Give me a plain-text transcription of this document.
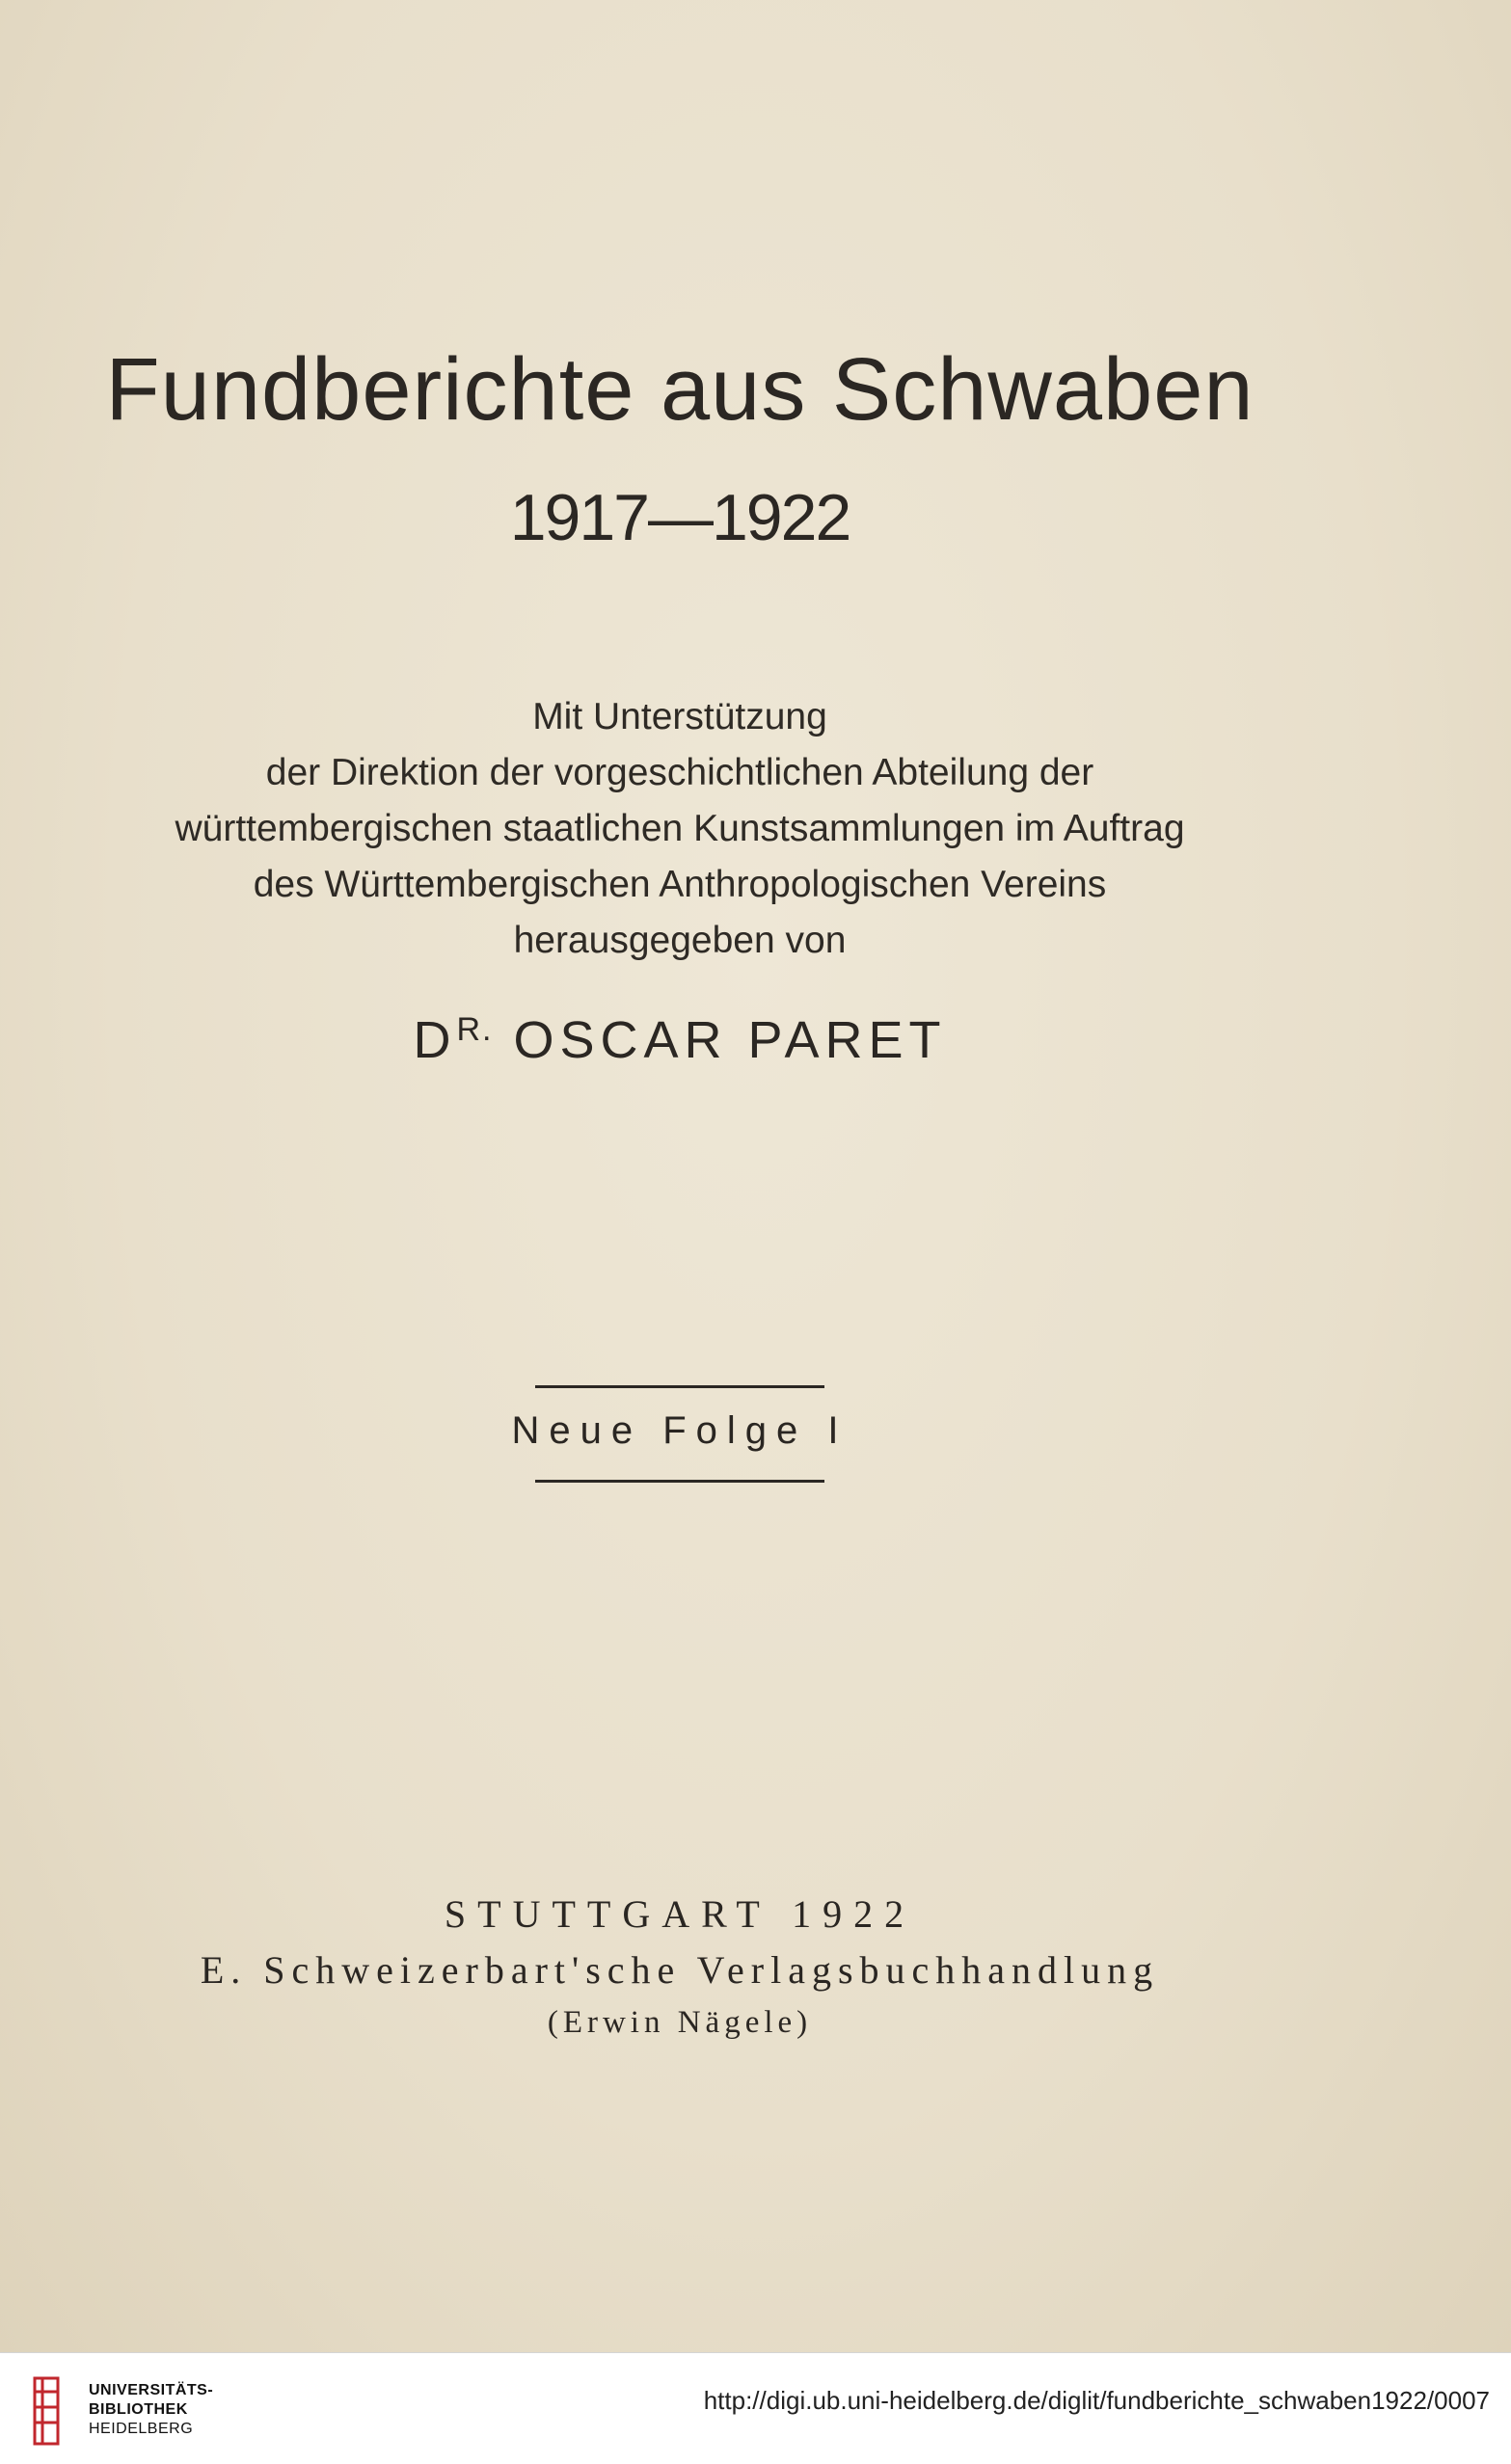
Fundberichte aus Schwaben
1917—1922
Mit Unterstützung
der Direktion der vorgeschichtlichen Abteilung der
württembergischen staatlichen Kunstsammlungen im Auftrag
des Württembergischen Anthropologischen Vereins
herausgegeben von
$D^{R.}$ OSCAR PARET
Neue Folge I
STUTTGART 1922
E. Schweizerbart'sche Verlagsbuchhandlung
(Erwin Nägele)
UNIVERSITÄTS-
BIBLIOTHEK
HEIDELBERG
http://digi.ub.uni-heidelberg.de/diglit/fundberichte_schwaben1922/0007
